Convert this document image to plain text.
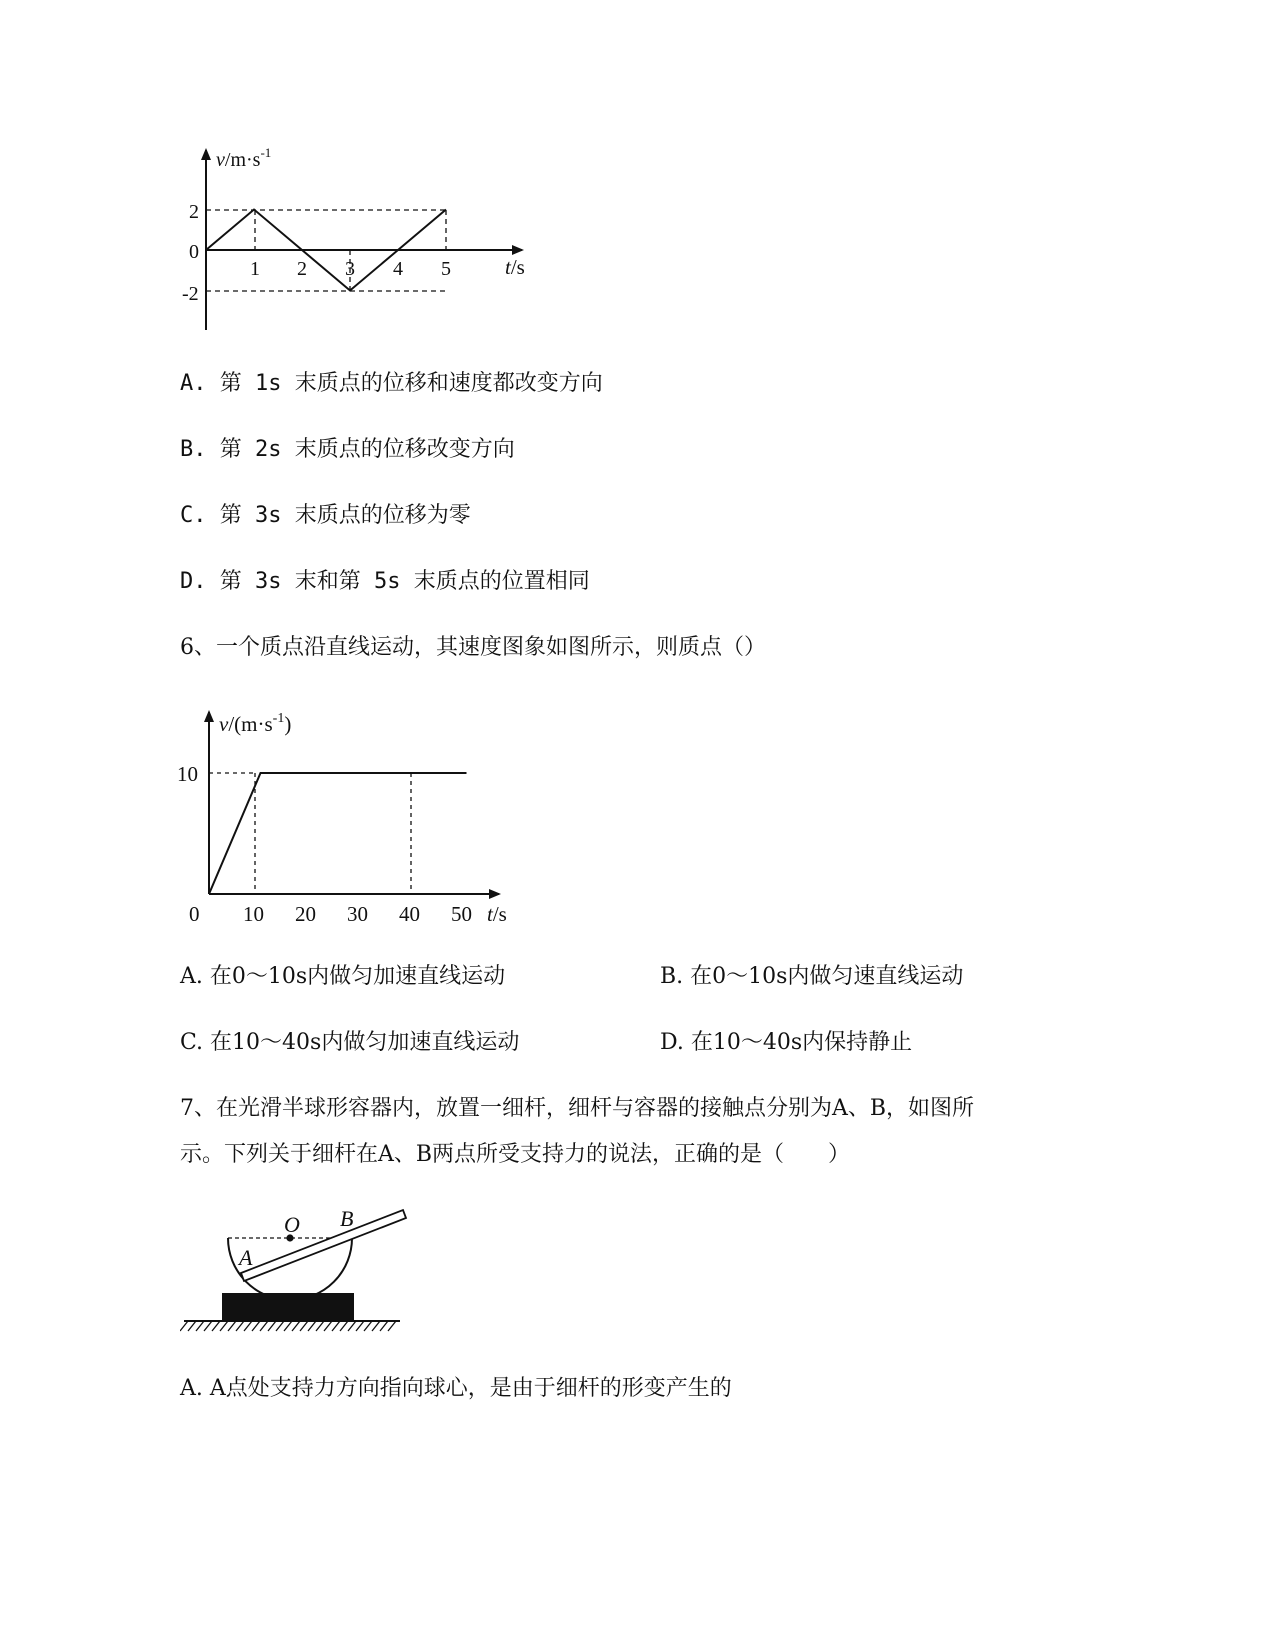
$v/m\cdot s^{-1}$
2
0
-2
1 2 3 4 5	t/s
A. 第 1s 末质点的位移和速度都改变方向
B. 第 2s 末质点的位移改变方向
C. 第 3s 末质点的位移为零
D. 第 3s 末和第 5s 末质点的位置相同
6、一个质点沿直线运动，其速度图象如图所示，则质点（）
$v/(m\cdot s^{-1})$
10
0 10 20 30 40 50 t/s
A. 在0～10s内做匀加速直线运动	B. 在0～10s内做匀速直线运动
C. 在10～40s内做匀加速直线运动	D. 在10～40s内保持静止
7、在光滑半球形容器内，放置一细杆，细杆与容器的接触点分别为A、B，如图所
示。下列关于细杆在A、B两点所受支持力的说法，正确的是（　　）
O B
A
A. A点处支持力方向指向球心，是由于细杆的形变产生的
